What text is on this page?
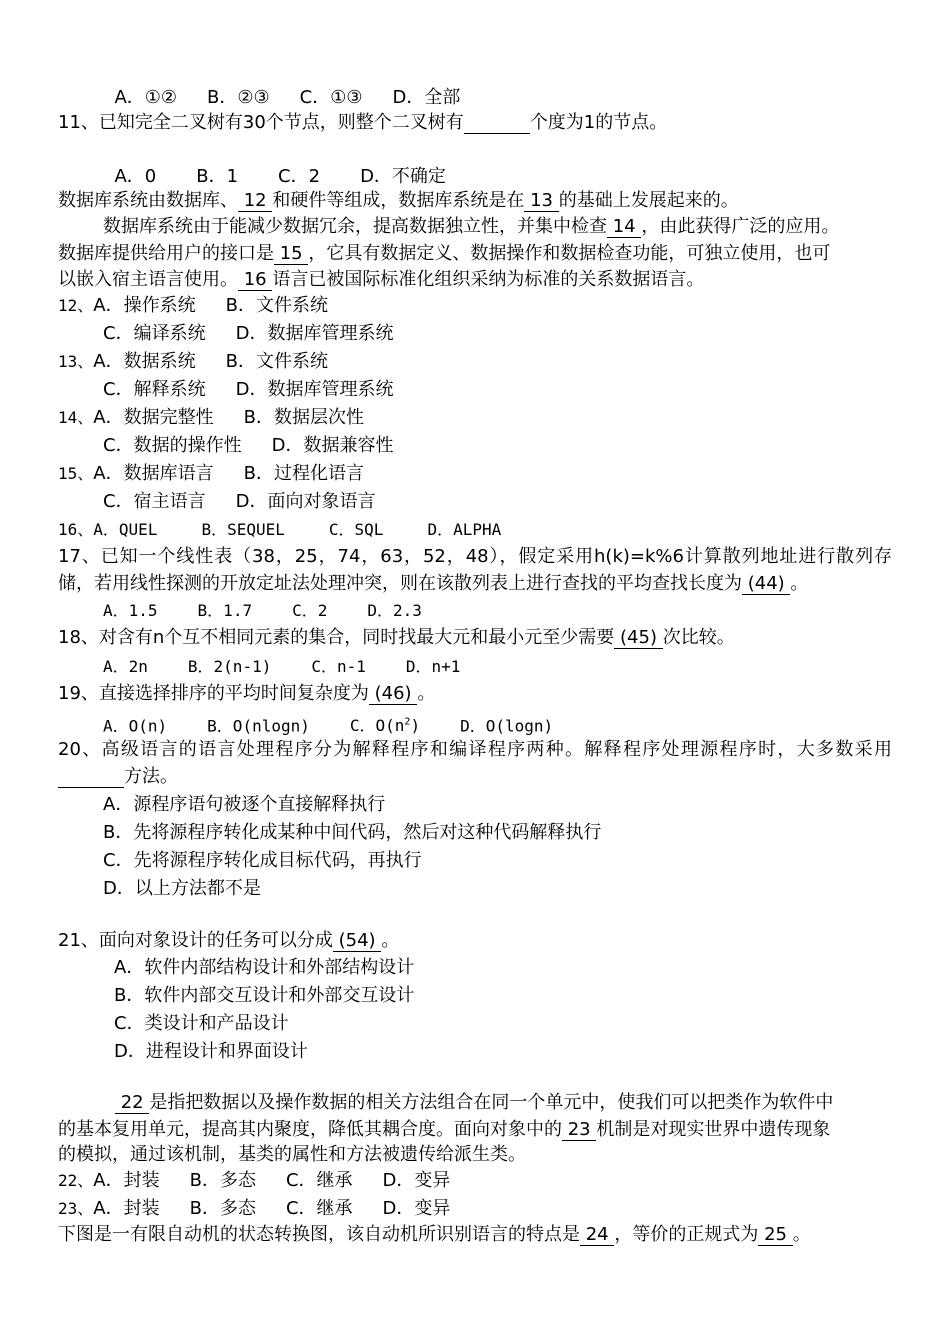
A．①② B．②③ C．①③ D．全部

11、已知完全二叉树有30个节点，则整个二叉树有	个度为1的节点。

A．0 B．1 C．2 D．不确定

数据库系统由数据库、 12 和硬件等组成，数据库系统是在 13 的基础上发展起来的。
数据库系统由于能减少数据冗余，提高数据独立性，并集中检查 14 ，由此获得广泛的应用。
数据库提供给用户的接口是 15 ，它具有数据定义、数据操作和数据检查功能，可独立使用，也可
以嵌入宿主语言使用。 16 语言已被国际标准化组织采纳为标准的关系数据语言。
12、A．操作系统 B．文件系统
C．编译系统 D．数据库管理系统
13、A．数据系统 B．文件系统
C．解释系统 D．数据库管理系统
14、A．数据完整性 B．数据层次性
C．数据的操作性 D．数据兼容性
15、A．数据库语言 B．过程化语言
C．宿主语言 D．面向对象语言
16、A．QUEL	B．SEQUEL	C．SQL	D．ALPHA
17、已知一个线性表（38，25，74，63，52，48），假定采用h(k)=k%6计算散列地址进行散列存
储，若用线性探测的开放定址法处理冲突，则在该散列表上进行查找的平均查找长度为 (44) 。
A．1.5	B．1.7	C．2	D．2.3
18、对含有n个互不相同元素的集合，同时找最大元和最小元至少需要 (45) 次比较。
A．2n	B．2(n-1)	C．n-1	D．n+1
19、直接选择排序的平均时间复杂度为 (46) 。
A．O(n)	B．O(nlogn)	C．$O(n^2)$	D．O(logn)
20、高级语言的语言处理程序分为解释程序和编译程序两种。解释程序处理源程序时，大多数采用
方法。
A．源程序语句被逐个直接解释执行
B．先将源程序转化成某种中间代码，然后对这种代码解释执行
C．先将源程序转化成目标代码，再执行
D．以上方法都不是
21、面向对象设计的任务可以分成 (54) 。
A．软件内部结构设计和外部结构设计
B．软件内部交互设计和外部交互设计
C．类设计和产品设计
D．进程设计和界面设计
22 是指把数据以及操作数据的相关方法组合在同一个单元中，使我们可以把类作为软件中
的基本复用单元，提高其内聚度，降低其耦合度。面向对象中的 23 机制是对现实世界中遗传现象
的模拟，通过该机制，基类的属性和方法被遗传给派生类。
22、A．封装 B．多态 C．继承 D．变异
23、A．封装 B．多态 C．继承 D．变异
下图是一有限自动机的状态转换图，该自动机所识别语言的特点是 24 ，等价的正规式为 25 。
